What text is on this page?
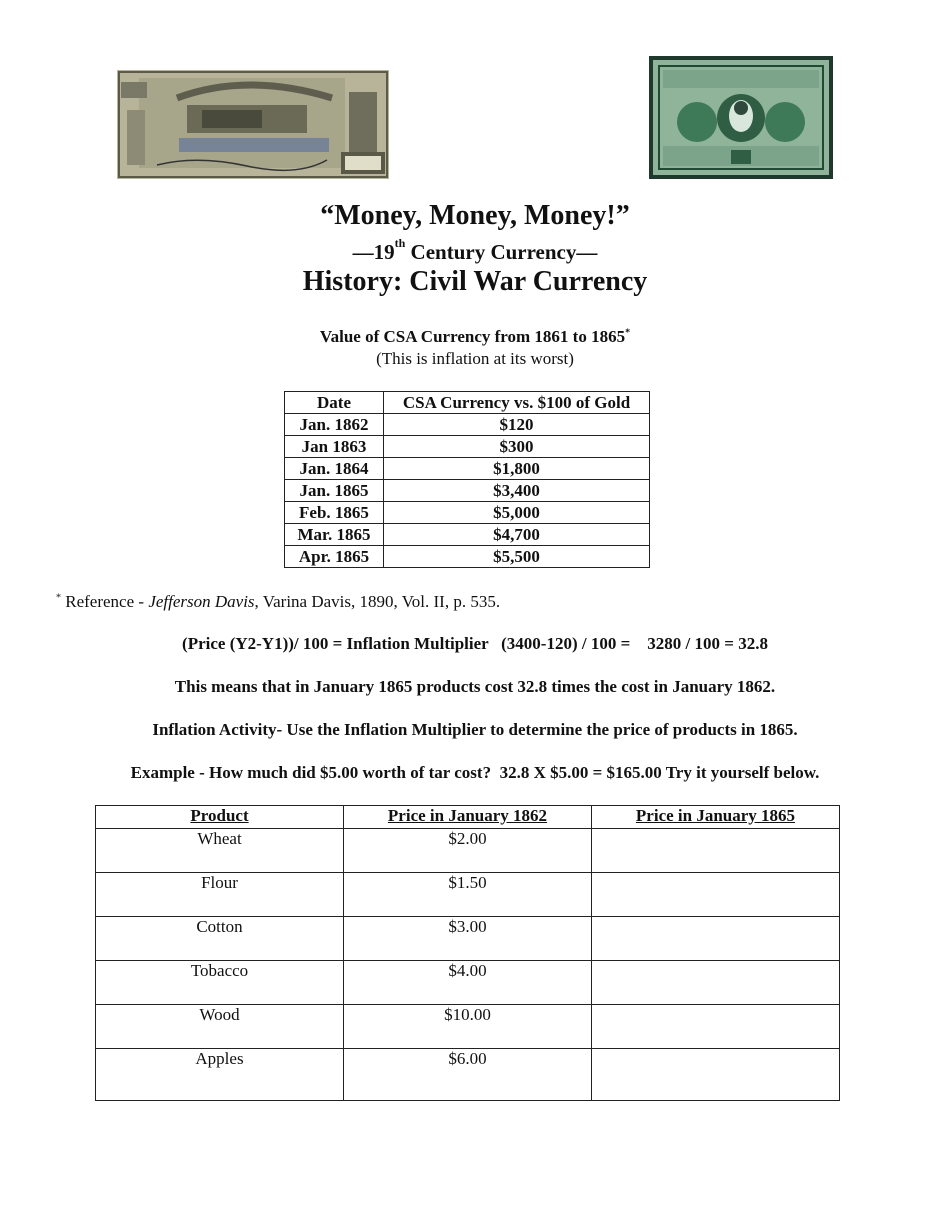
“Money, Money, Money!”
—19th Century Currency—
History: Civil War Currency
Value of CSA Currency from 1861 to 1865*
(This is inflation at its worst)
Date	CSA Currency vs. $100 of Gold
Jan. 1862	$120
Jan 1863	$300
Jan. 1864	$1,800
Jan. 1865	$3,400
Feb. 1865	$5,000
Mar. 1865	$4,700
Apr. 1865	$5,500
* Reference - Jefferson Davis, Varina Davis, 1890, Vol. II, p. 535.
(Price (Y2-Y1))/ 100 = Inflation Multiplier   (3400-120) / 100 =    3280 / 100 = 32.8
This means that in January 1865 products cost 32.8 times the cost in January 1862.
Inflation Activity- Use the Inflation Multiplier to determine the price of products in 1865.
Example - How much did $5.00 worth of tar cost?  32.8 X $5.00 = $165.00 Try it yourself below.
Product	Price in January 1862	Price in January 1865
Wheat	$2.00	
Flour	$1.50	
Cotton	$3.00	
Tobacco	$4.00	
Wood	$10.00	
Apples	$6.00	
